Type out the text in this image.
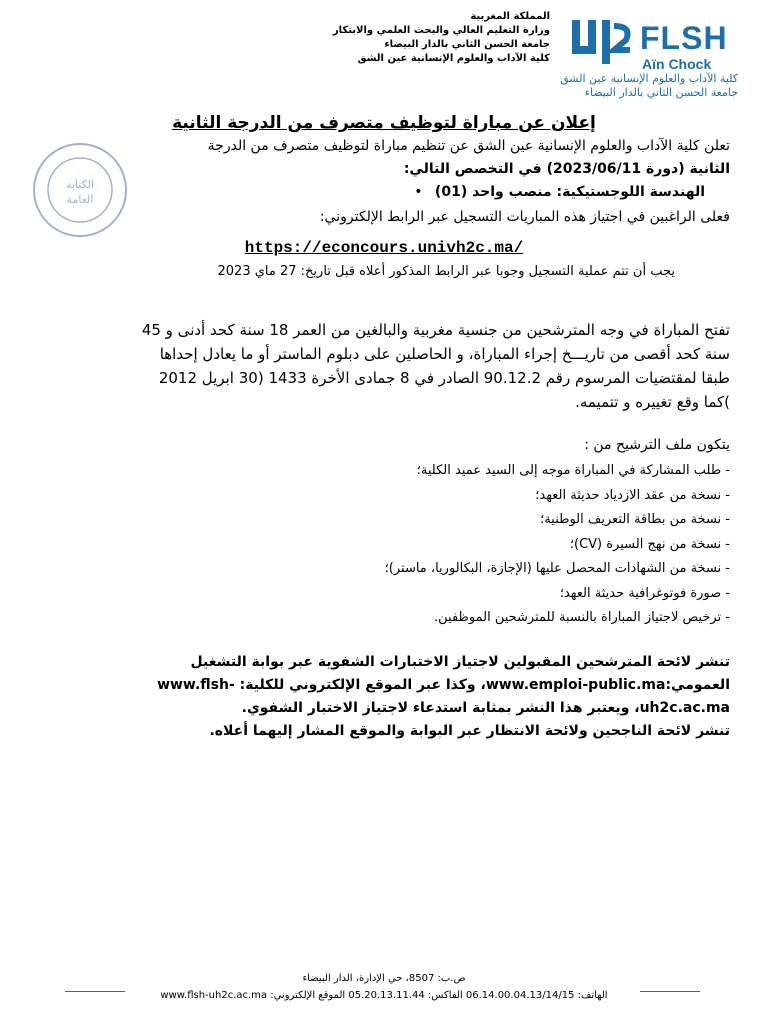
FLSH
Aïn Chock
كلية الآداب والعلوم الإنسانية عين الشق
جامعة الحسن الثاني بالدار البيضاء
المملكة المغربية
وزارة التعليم العالي والبحث العلمي والابتكار
جامعة الحسن الثاني بالدار البيضاء
كلية الآداب والعلوم الإنسانية عين الشق
إعلان عن مباراة لتوظيف متصرف من الدرجة الثانية
الكتابة
العامة
تعلن كلية الآداب والعلوم الإنسانية عين الشق عن تنظيم مباراة لتوظيف متصرف من الدرجة
الثانية (دورة 2023/06/11) في التخصص التالي:
الهندسة اللوجستيكية: منصب واحد (01) •
فعلى الراغبين في اجتياز هذه المباريات التسجيل عبر الرابط الإلكتروني:
https://econcours.univh2c.ma/
يجب أن تتم عملية التسجيل وجوبا عبر الرابط المذكور أعلاه قبل تاريخ: 27 ماي 2023
تفتح المباراة في وجه المترشحين من جنسية مغربية والبالغين من العمر 18 سنة كحد أدنى و 45
سنة كحد أقصى من تاريـــخ إجراء المباراة، و الحاصلين على دبلوم الماستر أو ما يعادل إحداها
طبقا لمقتضيات المرسوم رقم 90.12.2 الصادر في 8 جمادى الأخرة 1433 (30 ابريل 2012
)كما وقع تغييره و تتميمه.
يتكون ملف الترشيح من :
- طلب المشاركة في المباراة موجه إلى السيد عميد الكلية؛
- نسخة من عقد الازدياد حديثة العهد؛
- نسخة من بطاقة التعريف الوطنية؛
- نسخة من نهج السيرة (CV)؛
- نسخة من الشهادات المحصل عليها (الإجازة، البكالوريا، ماستر)؛
- صورة فوتوغرافية حديثة العهد؛
- ترخيص لاجتياز المباراة بالنسبة للمترشحين الموظفين.
تنشر لائحة المترشحين المقبولين لاجتياز الاختبارات الشفوية عبر بوابة التشغيل
العمومي:www.emploi-public.ma، وكذا عبر الموقع الإلكتروني للكلية: -www.flsh
uh2c.ac.ma، ويعتبر هذا النشر بمثابة استدعاء لاجتياز الاختبار الشفوي.
تنشر لائحة الناجحين ولائحة الانتظار عبر البوابة والموقع المشار إليهما أعلاه.
ص.ب: 8507، حي الإدارة، الدار البيضاء
الهاتف: 06.14.00.04.13/14/15 الفاكس: 05.20.13.11.44 الموقع الإلكتروني: www.flsh-uh2c.ac.ma
